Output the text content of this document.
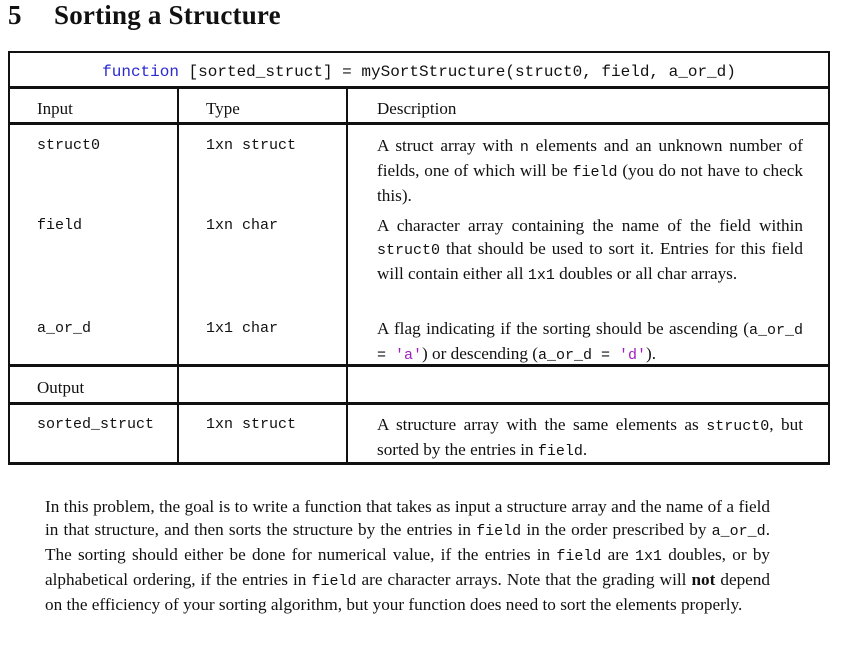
5 Sorting a Structure
function [sorted_struct] = mySortStructure(struct0, field, a_or_d)
Input	Type	Description
struct0	1xn struct	A struct array with n elements and an unknown number of fields, one of which will be field (you do not have to check this).
field	1xn char	A character array containing the name of the field within struct0 that should be used to sort it. Entries for this field will contain either all 1x1 doubles or all char arrays.
a_or_d	1x1 char	A flag indicating if the sorting should be ascending (a_or_d = 'a') or descending (a_or_d = 'd').
Output
sorted_struct	1xn struct	A structure array with the same elements as struct0, but sorted by the entries in field.
In this problem, the goal is to write a function that takes as input a structure array and the name of a field in that structure, and then sorts the structure by the entries in field in the order prescribed by a_or_d. The sorting should either be done for numerical value, if the entries in field are 1x1 doubles, or by alphabetical ordering, if the entries in field are character arrays. Note that the grading will not depend on the efficiency of your sorting algorithm, but your function does need to sort the elements properly.
